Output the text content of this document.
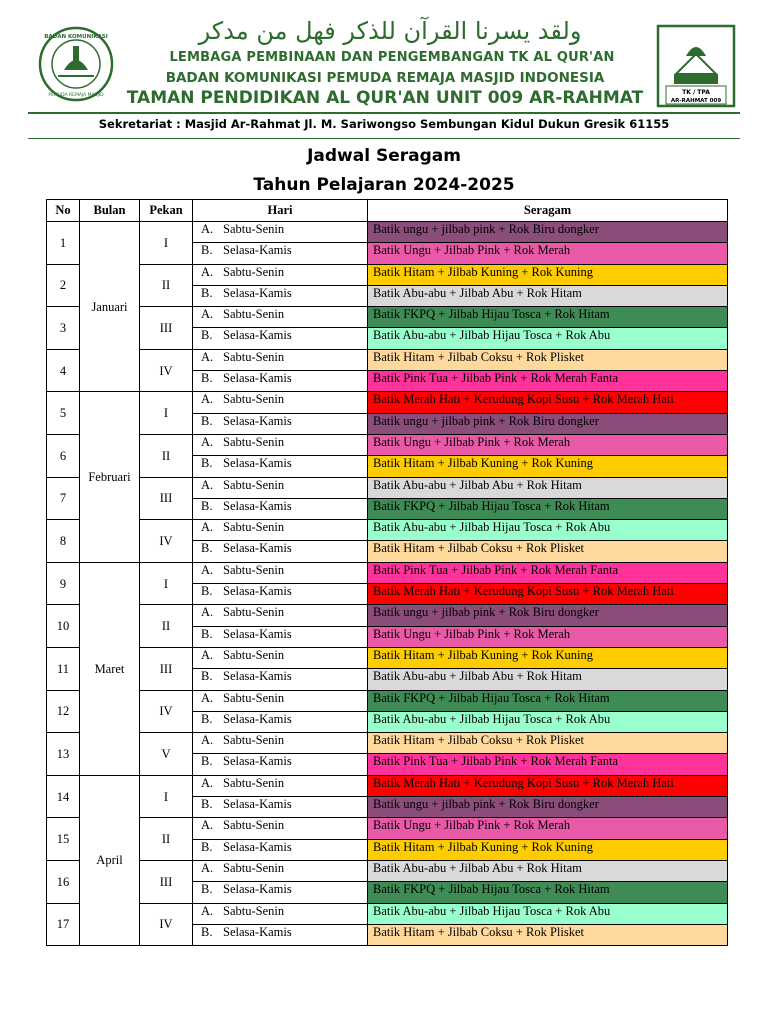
BADAN KOMUNIKASI
PEMUDA REMAJA MASJID
ولقد يسرنا القرآن للذكر فهل من مدكر
LEMBAGA PEMBINAAN DAN PENGEMBANGAN TK AL QUR'AN
BADAN KOMUNIKASI PEMUDA REMAJA MASJID INDONESIA
TAMAN PENDIDIKAN AL QUR'AN UNIT 009 AR-RAHMAT	TK / TPA
AR-RAHMAT 009
Sekretariat : Masjid Ar-Rahmat Jl. M. Sariwongso Sembungan Kidul Dukun Gresik 61155
Jadwal Seragam
Tahun Pelajaran 2024-2025
No	Bulan	Pekan	Hari	Seragam
1	Januari	I	A. Sabtu-Senin	Batik ungu + jilbab pink + Rok Biru dongker
			B. Selasa-Kamis	Batik Ungu + Jilbab Pink + Rok Merah
2		II	A. Sabtu-Senin	Batik Hitam + Jilbab Kuning + Rok Kuning
			B. Selasa-Kamis	Batik Abu-abu + Jilbab Abu + Rok Hitam
3		III	A. Sabtu-Senin	Batik FKPQ + Jilbab Hijau Tosca + Rok Hitam
			B. Selasa-Kamis	Batik Abu-abu + Jilbab Hijau Tosca + Rok Abu
4		IV	A. Sabtu-Senin	Batik Hitam + Jilbab Coksu + Rok Plisket
			B. Selasa-Kamis	Batik Pink Tua + Jilbab Pink + Rok Merah Fanta
5	Februari	I	A. Sabtu-Senin	Batik Merah Hati + Kerudung Kopi Susu + Rok Merah Hati
			B. Selasa-Kamis	Batik ungu + jilbab pink + Rok Biru dongker
6		II	A. Sabtu-Senin	Batik Ungu + Jilbab Pink + Rok Merah
			B. Selasa-Kamis	Batik Hitam + Jilbab Kuning + Rok Kuning
7		III	A. Sabtu-Senin	Batik Abu-abu + Jilbab Abu + Rok Hitam
			B. Selasa-Kamis	Batik FKPQ + Jilbab Hijau Tosca + Rok Hitam
8		IV	A. Sabtu-Senin	Batik Abu-abu + Jilbab Hijau Tosca + Rok Abu
			B. Selasa-Kamis	Batik Hitam + Jilbab Coksu + Rok Plisket
9	Maret	I	A. Sabtu-Senin	Batik Pink Tua + Jilbab Pink + Rok Merah Fanta
			B. Selasa-Kamis	Batik Merah Hati + Kerudung Kopi Susu + Rok Merah Hati
10		II	A. Sabtu-Senin	Batik ungu + jilbab pink + Rok Biru dongker
			B. Selasa-Kamis	Batik Ungu + Jilbab Pink + Rok Merah
11		III	A. Sabtu-Senin	Batik Hitam + Jilbab Kuning + Rok Kuning
			B. Selasa-Kamis	Batik Abu-abu + Jilbab Abu + Rok Hitam
12		IV	A. Sabtu-Senin	Batik FKPQ + Jilbab Hijau Tosca + Rok Hitam
			B. Selasa-Kamis	Batik Abu-abu + Jilbab Hijau Tosca + Rok Abu
13		V	A. Sabtu-Senin	Batik Hitam + Jilbab Coksu + Rok Plisket
			B. Selasa-Kamis	Batik Pink Tua + Jilbab Pink + Rok Merah Fanta
14	April	I	A. Sabtu-Senin	Batik Merah Hati + Kerudung Kopi Susu + Rok Merah Hati
			B. Selasa-Kamis	Batik ungu + jilbab pink + Rok Biru dongker
15		II	A. Sabtu-Senin	Batik Ungu + Jilbab Pink + Rok Merah
			B. Selasa-Kamis	Batik Hitam + Jilbab Kuning + Rok Kuning
16		III	A. Sabtu-Senin	Batik Abu-abu + Jilbab Abu + Rok Hitam
			B. Selasa-Kamis	Batik FKPQ + Jilbab Hijau Tosca + Rok Hitam
17		IV	A. Sabtu-Senin	Batik Abu-abu + Jilbab Hijau Tosca + Rok Abu
			B. Selasa-Kamis	Batik Hitam + Jilbab Coksu + Rok Plisket
